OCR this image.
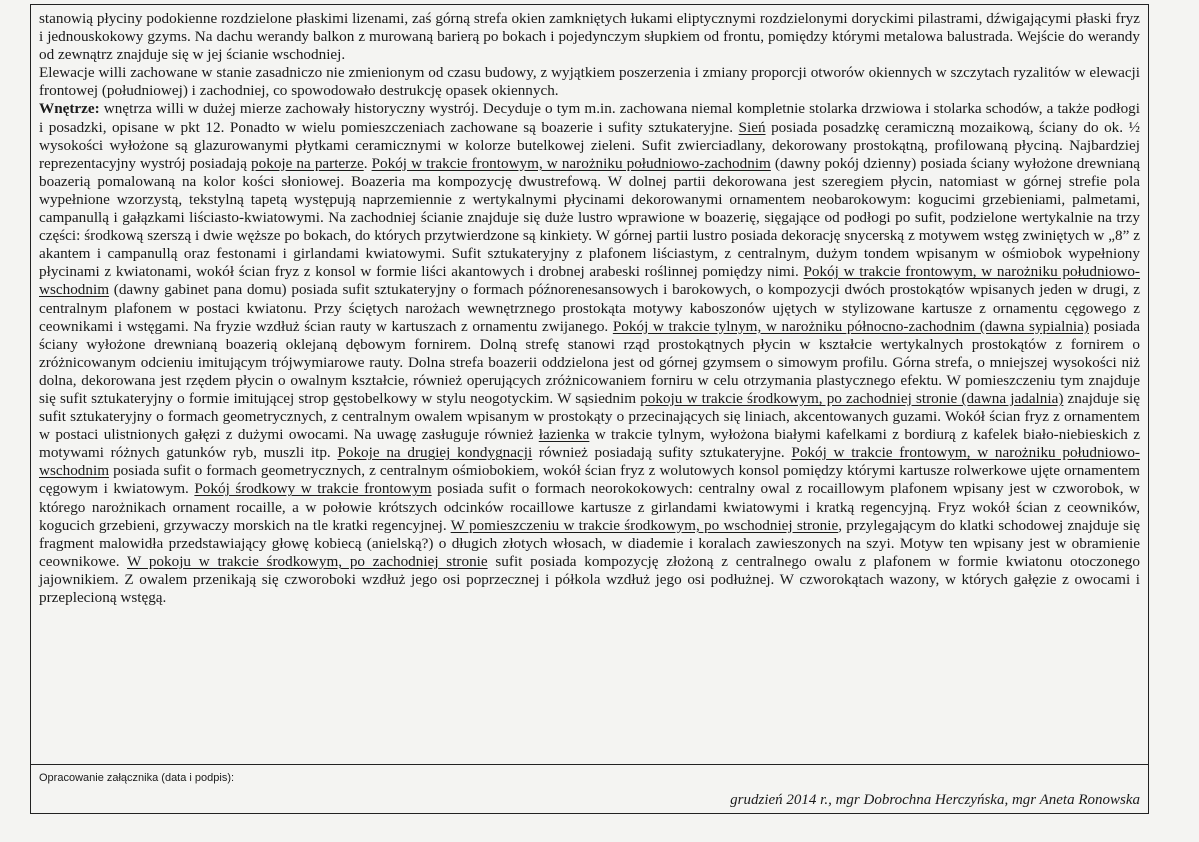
stanowią płyciny podokienne rozdzielone płaskimi lizenami, zaś górną strefa okien zamkniętych łukami eliptycznymi rozdzielonymi doryckimi pilastrami, dźwigającymi płaski fryz i jednouskokowy gzyms. Na dachu werandy balkon z murowaną barierą po bokach i pojedynczym słupkiem od frontu, pomiędzy którymi metalowa balustrada. Wejście do werandy od zewnątrz znajduje się w jej ścianie wschodniej.

Elewacje willi zachowane w stanie zasadniczo nie zmienionym od czasu budowy, z wyjątkiem poszerzenia i zmiany proporcji otworów okiennych w szczytach ryzalitów w elewacji frontowej (południowej) i zachodniej, co spowodowało destrukcję opasek okiennych.

Wnętrze: wnętrza willi w dużej mierze zachowały historyczny wystrój. Decyduje o tym m.in. zachowana niemal kompletnie stolarka drzwiowa i stolarka schodów, a także podłogi i posadzki, opisane w pkt 12. Ponadto w wielu pomieszczeniach zachowane są boazerie i sufity sztukateryjne. Sień posiada posadzkę ceramiczną mozaikową, ściany do ok. ½ wysokości wyłożone są glazurowanymi płytkami ceramicznymi w kolorze butelkowej zieleni. Sufit zwierciadlany, dekorowany prostokątną, profilowaną płyciną. Najbardziej reprezentacyjny wystrój posiadają pokoje na parterze. Pokój w trakcie frontowym, w narożniku południowo-zachodnim (dawny pokój dzienny) posiada ściany wyłożone drewnianą boazerią pomalowaną na kolor kości słoniowej. Boazeria ma kompozycję dwustrefową. W dolnej partii dekorowana jest szeregiem płycin, natomiast w górnej strefie pola wypełnione wzorzystą, tekstylną tapetą występują naprzemiennie z wertykalnymi płycinami dekorowanymi ornamentem neobarokowym: kogucimi grzebieniami, palmetami, campanullą i gałązkami liściasto-kwiatowymi. Na zachodniej ścianie znajduje się duże lustro wprawione w boazerię, sięgające od podłogi po sufit, podzielone wertykalnie na trzy części: środkową szerszą i dwie węższe po bokach, do których przytwierdzone są kinkiety. W górnej partii lustro posiada dekorację snycerską z motywem wstęg zwiniętych w „8” z akantem i campanullą oraz festonami i girlandami kwiatowymi. Sufit sztukateryjny z plafonem liściastym, z centralnym, dużym tondem wpisanym w ośmiobok wypełniony płycinami z kwiatonami, wokół ścian fryz z konsol w formie liści akantowych i drobnej arabeski roślinnej pomiędzy nimi. Pokój w trakcie frontowym, w narożniku południowo-wschodnim (dawny gabinet pana domu) posiada sufit sztukateryjny o formach późnorenesansowych i barokowych, o kompozycji dwóch prostokątów wpisanych jeden w drugi, z centralnym plafonem w postaci kwiatonu. Przy ściętych narożach wewnętrznego prostokąta motywy kaboszonów ujętych w stylizowane kartusze z ornamentu cęgowego z ceownikami i wstęgami. Na fryzie wzdłuż ścian rauty w kartuszach z ornamentu zwijanego. Pokój w trakcie tylnym, w narożniku północno-zachodnim (dawna sypialnia) posiada ściany wyłożone drewnianą boazerią oklejaną dębowym fornirem. Dolną strefę stanowi rząd prostokątnych płycin w kształcie wertykalnych prostokątów z fornirem o zróżnicowanym odcieniu imitującym trójwymiarowe rauty. Dolna strefa boazerii oddzielona jest od górnej gzymsem o simowym profilu. Górna strefa, o mniejszej wysokości niż dolna, dekorowana jest rzędem płycin o owalnym kształcie, również operujących zróżnicowaniem forniru w celu otrzymania plastycznego efektu. W pomieszczeniu tym znajduje się sufit sztukateryjny o formie imitującej strop gęstobelkowy w stylu neogotyckim. W sąsiednim pokoju w trakcie środkowym, po zachodniej stronie (dawna jadalnia) znajduje się sufit sztukateryjny o formach geometrycznych, z centralnym owalem wpisanym w prostokąty o przecinających się liniach, akcentowanych guzami. Wokół ścian fryz z ornamentem w postaci ulistnionych gałęzi z dużymi owocami. Na uwagę zasługuje również łazienka w trakcie tylnym, wyłożona białymi kafelkami z bordiurą z kafelek biało-niebieskich z motywami różnych gatunków ryb, muszli itp. Pokoje na drugiej kondygnacji również posiadają sufity sztukateryjne. Pokój w trakcie frontowym, w narożniku południowo-wschodnim posiada sufit o formach geometrycznych, z centralnym ośmiobokiem, wokół ścian fryz z wolutowych konsol pomiędzy którymi kartusze rolwerkowe ujęte ornamentem cęgowym i kwiatowym. Pokój środkowy w trakcie frontowym posiada sufit o formach neorokokowych: centralny owal z rocaillowym plafonem wpisany jest w czworobok, w którego narożnikach ornament rocaille, a w połowie krótszych odcinków rocaillowe kartusze z girlandami kwiatowymi i kratką regencyjną. Fryz wokół ścian z ceowników, kogucich grzebieni, grzywaczy morskich na tle kratki regencyjnej. W pomieszczeniu w trakcie środkowym, po wschodniej stronie, przylegającym do klatki schodowej znajduje się fragment malowidła przedstawiający głowę kobiecą (anielską?) o długich złotych włosach, w diademie i koralach zawieszonych na szyi. Motyw ten wpisany jest w obramienie ceownikowe. W pokoju w trakcie środkowym, po zachodniej stronie sufit posiada kompozycję złożoną z centralnego owalu z plafonem w formie kwiatonu otoczonego jajownikiem. Z owalem przenikają się czworoboki wzdłuż jego osi poprzecznej i półkola wzdłuż jego osi podłużnej. W czworokątach wazony, w których gałęzie z owocami i przeplecioną wstęgą.

Opracowanie załącznika (data i podpis):
grudzień 2014 r., mgr Dobrochna Herczyńska, mgr Aneta Ronowska
